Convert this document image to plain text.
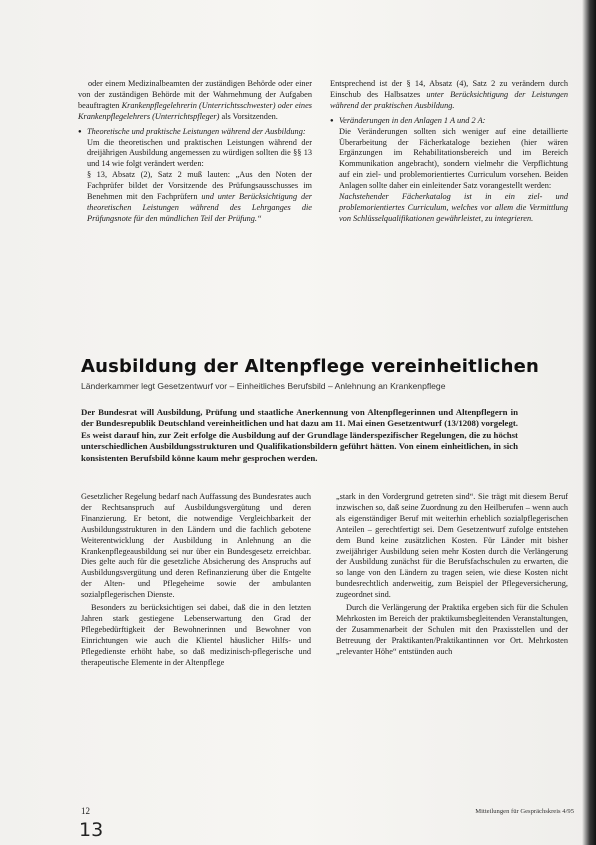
oder einem Medizinalbeamten der zuständigen Behörde oder einer von der zuständigen Behörde mit der Wahrnehmung der Aufgaben beauftragten Krankenpflegelehrerin (Unterrichtsschwester) oder eines Krankenpflegelehrers (Unterrichtspfleger) als Vorsitzenden.

● Theoretische und praktische Leistungen während der Ausbildung:
Um die theoretischen und praktischen Leistungen während der dreijährigen Ausbildung angemessen zu würdigen sollten die §§ 13 und 14 wie folgt verändert werden:

§ 13, Absatz (2), Satz 2 muß lauten: „Aus den Noten der Fachprüfer bildet der Vorsitzende des Prüfungsausschusses im Benehmen mit den Fachprüfern und unter Berücksichtigung der theoretischen Leistungen während des Lehrganges die Prüfungsnote für den mündlichen Teil der Prüfung.“

Entsprechend ist der § 14, Absatz (4), Satz 2 zu verändern durch Einschub des Halbsatzes unter Berücksichtigung der Leistungen während der praktischen Ausbildung.

● Veränderungen in den Anlagen 1 A und 2 A:
Die Veränderungen sollten sich weniger auf eine detaillierte Überarbeitung der Fächerkataloge beziehen (hier wären Ergänzungen im Rehabilitationsbereich und im Bereich Kommunikation angebracht), sondern vielmehr die Verpflichtung auf ein ziel- und problemorientiertes Curriculum vorsehen. Beiden Anlagen sollte daher ein einleitender Satz vorangestellt werden:
Nachstehender Fächerkatalog ist in ein ziel- und problemorientiertes Curriculum, welches vor allem die Vermittlung von Schlüsselqualifikationen gewährleistet, zu integrieren.

Ausbildung der Altenpflege vereinheitlichen

Länderkammer legt Gesetzentwurf vor – Einheitliches Berufsbild – Anlehnung an Krankenpflege

Der Bundesrat will Ausbildung, Prüfung und staatliche Anerkennung von Altenpflegerinnen und Altenpflegern in der Bundesrepublik Deutschland vereinheitlichen und hat dazu am 11. Mai einen Gesetzentwurf (13/1208) vorgelegt. Es weist darauf hin, zur Zeit erfolge die Ausbildung auf der Grundlage länderspezifischer Regelungen, die zu höchst unterschiedlichen Ausbildungsstrukturen und Qualifikationsbildern geführt hätten. Von einem einheitlichen, in sich konsistenten Berufsbild könne kaum mehr gesprochen werden.

Gesetzlicher Regelung bedarf nach Auffassung des Bundesrates auch der Rechtsanspruch auf Ausbildungsvergütung und deren Finanzierung. Er betont, die notwendige Vergleichbarkeit der Ausbildungsstrukturen in den Ländern und die fachlich gebotene Weiterentwicklung der Ausbildung in Anlehnung an die Krankenpflegeausbildung sei nur über ein Bundesgesetz erreichbar. Dies gelte auch für die gesetzliche Absicherung des Anspruchs auf Ausbildungsvergütung und deren Refinanzierung über die Entgelte der Alten- und Pflegeheime sowie der ambulanten sozialpflegerischen Dienste.

Besonders zu berücksichtigen sei dabei, daß die in den letzten Jahren stark gestiegene Lebenserwartung den Grad der Pflegebedürftigkeit der Bewohnerinnen und Bewohner von Einrichtungen wie auch die Klientel häuslicher Hilfs- und Pflegedienste erhöht habe, so daß medizinisch-pflegerische und therapeutische Elemente in der Altenpflege

„stark in den Vordergrund getreten sind“. Sie trägt mit diesem Beruf inzwischen so, daß seine Zuordnung zu den Heilberufen – wenn auch als eigenständiger Beruf mit weiterhin erheblich sozialpflegerischen Anteilen – gerechtfertigt sei. Dem Gesetzentwurf zufolge entstehen dem Bund keine zusätzlichen Kosten. Für Länder mit bisher zweijähriger Ausbildung seien mehr Kosten durch die Verlängerung der Ausbildung zunächst für die Berufsfachschulen zu erwarten, die so lange von den Ländern zu tragen seien, wie diese Kosten nicht bundesrechtlich anderweitig, zum Beispiel der Pflegeversicherung, zugeordnet sind.

Durch die Verlängerung der Praktika ergeben sich für die Schulen Mehrkosten im Bereich der praktikumsbegleitenden Veranstaltungen, der Zusammenarbeit der Schulen mit den Praxisstellen und der Betreuung der Praktikanten/Praktikantinnen vor Ort. Mehrkosten „relevanter Höhe“ entstünden auch

12	Mitteilungen für Gesprächskreis 4/95

13
